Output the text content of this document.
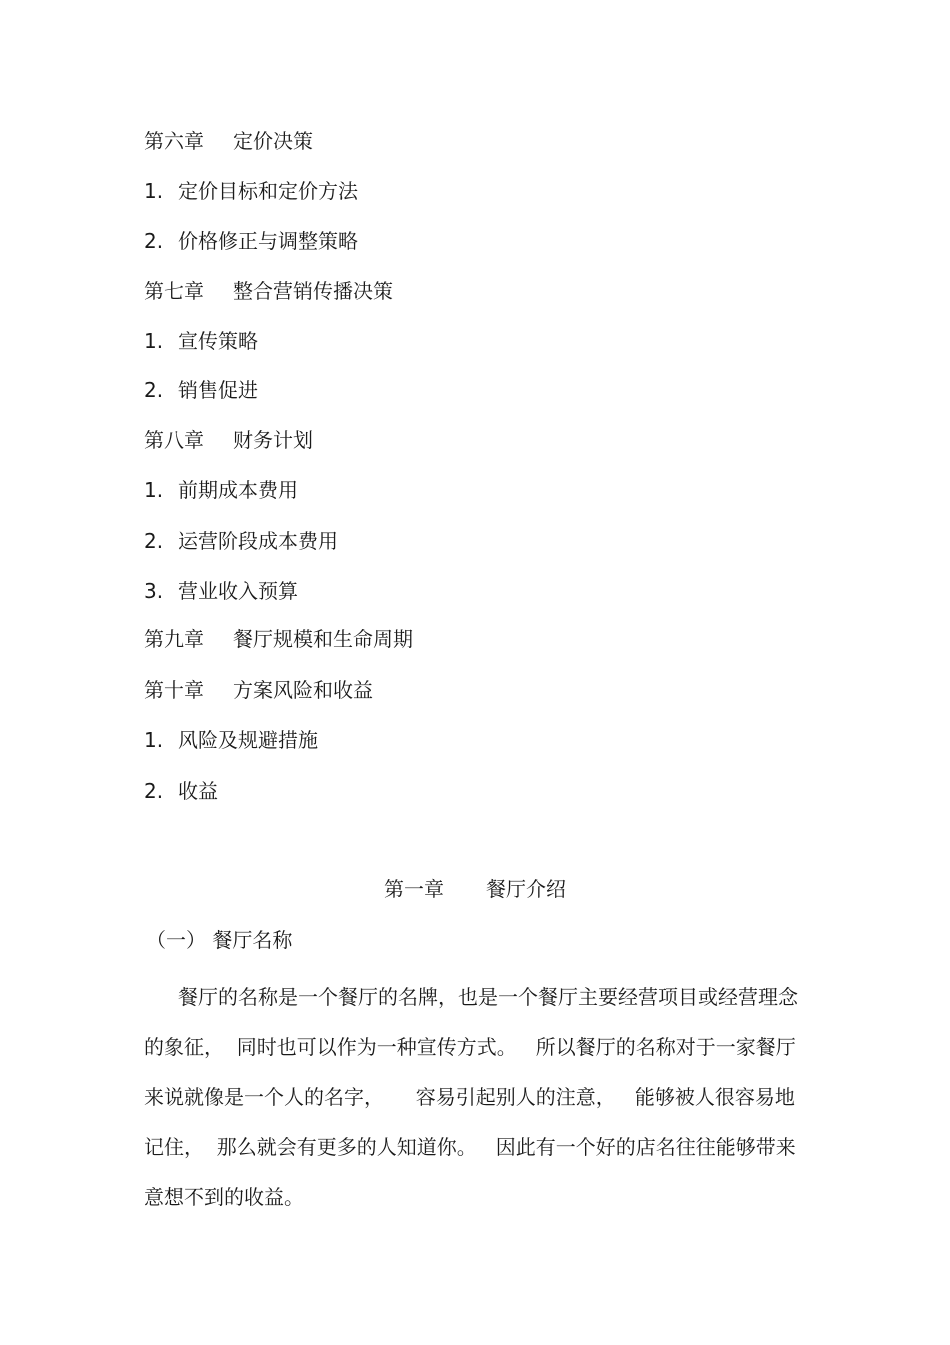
第六章 定价决策
1. 定价目标和定价方法
2. 价格修正与调整策略
第七章 整合营销传播决策
1. 宣传策略
2. 销售促进
第八章 财务计划
1. 前期成本费用
2. 运营阶段成本费用
3. 营业收入预算
第九章 餐厅规模和生命周期
第十章 方案风险和收益
1. 风险及规避措施
2. 收益
第一章 餐厅介绍
（一） 餐厅名称
餐厅的名称是一个餐厅的名牌，也是一个餐厅主要经营项目或经营理念的象征，  同时也可以作为一种宣传方式。   所以餐厅的名称对于一家餐厅来说就像是一个人的名字，     容易引起别人的注意，   能够被人很容易地记住，  那么就会有更多的人知道你。   因此有一个好的店名往往能够带来意想不到的收益。
